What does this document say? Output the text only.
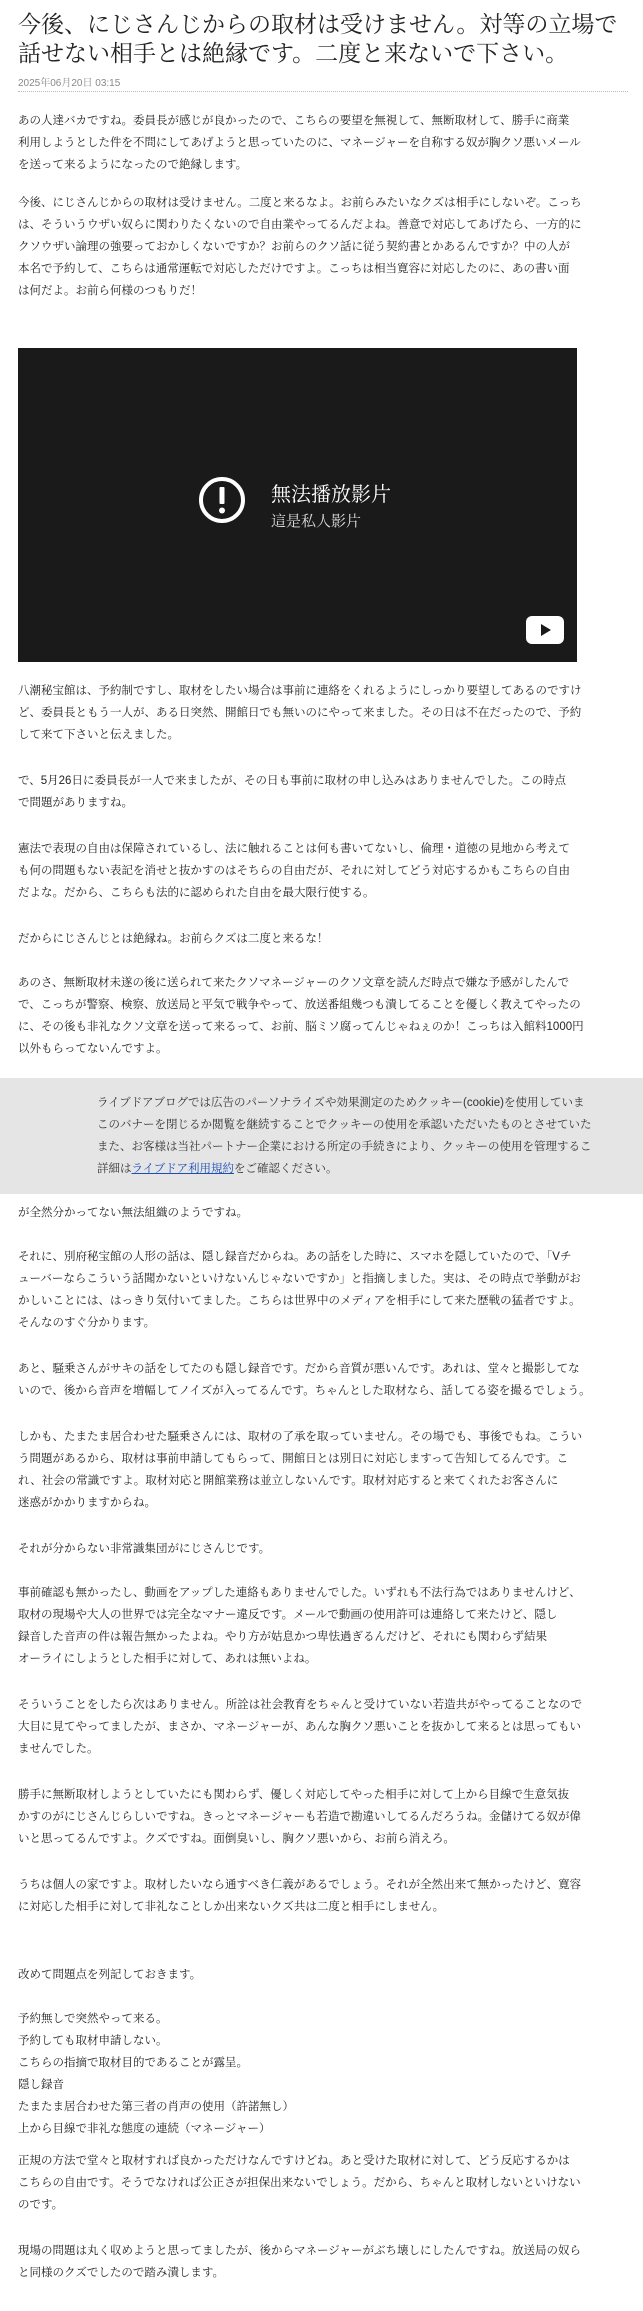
今後、にじさんじからの取材は受けません。対等の立場で話せない相手とは絶縁です。二度と来ないで下さい。
2025年06月20日 03:15

あの人達バカですね。委員長が感じが良かったので、こちらの要望を無視して、無断取材して、勝手に商業
利用しようとした件を不問にしてあげようと思っていたのに、マネージャーを自称する奴が胸クソ悪いメール
を送って来るようになったので絶縁します。

今後、にじさんじからの取材は受けません。二度と来るなよ。お前らみたいなクズは相手にしないぞ。こっち
は、そういうウザい奴らに関わりたくないので自由業やってるんだよね。善意で対応してあげたら、一方的に
クソウザい論理の強要っておかしくないですか？お前らのクソ話に従う契約書とかあるんですか？中の人が
本名で予約して、こちらは通常運転で対応しただけですよ。こっちは相当寛容に対応したのに、あの書い面
は何だよ。お前ら何様のつもりだ！

無法播放影片
這是私人影片

八潮秘宝館は、予約制ですし、取材をしたい場合は事前に連絡をくれるようにしっかり要望してあるのですけ
ど、委員長ともう一人が、ある日突然、開館日でも無いのにやって来ました。その日は不在だったので、予約
して来て下さいと伝えました。

で、5月26日に委員長が一人で来ましたが、その日も事前に取材の申し込みはありませんでした。この時点
で問題がありますね。

憲法で表現の自由は保障されているし、法に触れることは何も書いてないし、倫理・道徳の見地から考えて
も何の問題もない表記を消せと抜かすのはそちらの自由だが、それに対してどう対応するかもこちらの自由
だよな。だから、こちらも法的に認められた自由を最大限行使する。

だからにじさんじとは絶縁ね。お前らクズは二度と来るな！

あのさ、無断取材未遂の後に送られて来たクソマネージャーのクソ文章を読んだ時点で嫌な予感がしたんで
で、こっちが警察、検察、放送局と平気で戦争やって、放送番組幾つも潰してることを優しく教えてやったの
に、その後も非礼なクソ文章を送って来るって、お前、脳ミソ腐ってんじゃねぇのか！こっちは入館料1000円
以外もらってないんですよ。

ライブドアブログでは広告のパーソナライズや効果測定のためクッキー(cookie)を使用していま
このバナーを閉じるか閲覧を継続することでクッキーの使用を承認いただいたものとさせていた
また、お客様は当社パートナー企業における所定の手続きにより、クッキーの使用を管理するこ
詳細はライブドア利用規約をご確認ください。

が全然分かってない無法組織のようですね。

それに、別府秘宝館の人形の話は、隠し録音だからね。あの話をした時に、スマホを隠していたので、「Vチ
ューバーならこういう話聞かないといけないんじゃないですか」と指摘しました。実は、その時点で挙動がお
かしいことには、はっきり気付いてました。こちらは世界中のメディアを相手にして来た歴戦の猛者ですよ。
そんなのすぐ分かります。

あと、騒乗さんがサキの話をしてたのも隠し録音です。だから音質が悪いんです。あれは、堂々と撮影してな
いので、後から音声を増幅してノイズが入ってるんです。ちゃんとした取材なら、話してる姿を撮るでしょう。

しかも、たまたま居合わせた騒乗さんには、取材の了承を取っていません。その場でも、事後でもね。こうい
う問題があるから、取材は事前申請してもらって、開館日とは別日に対応しますって告知してるんです。こ
れ、社会の常識ですよ。取材対応と開館業務は並立しないんです。取材対応すると来てくれたお客さんに
迷惑がかかりますからね。

それが分からない非常識集団がにじさんじです。

事前確認も無かったし、動画をアップした連絡もありませんでした。いずれも不法行為ではありませんけど、
取材の現場や大人の世界では完全なマナー違反です。メールで動画の使用許可は連絡して来たけど、隠し
録音した音声の件は報告無かったよね。やり方が姑息かつ卑怯過ぎるんだけど、それにも関わらず結果
オーライにしようとした相手に対して、あれは無いよね。

そういうことをしたら次はありません。所詮は社会教育をちゃんと受けていない若造共がやってることなので
大目に見てやってましたが、まさか、マネージャーが、あんな胸クソ悪いことを抜かして来るとは思ってもい
ませんでした。

勝手に無断取材しようとしていたにも関わらず、優しく対応してやった相手に対して上から目線で生意気抜
かすのがにじさんじらしいですね。きっとマネージャーも若造で勘違いしてるんだろうね。金儲けてる奴が偉
いと思ってるんですよ。クズですね。面倒臭いし、胸クソ悪いから、お前ら消えろ。

うちは個人の家ですよ。取材したいなら通すべき仁義があるでしょう。それが全然出来て無かったけど、寛容
に対応した相手に対して非礼なことしか出来ないクズ共は二度と相手にしません。

改めて問題点を列記しておきます。

予約無しで突然やって来る。
予約しても取材申請しない。
こちらの指摘で取材目的であることが露呈。
隠し録音
たまたま居合わせた第三者の肖声の使用（許諾無し）
上から目線で非礼な態度の連続（マネージャー）

正規の方法で堂々と取材すれば良かっただけなんですけどね。あと受けた取材に対して、どう反応するかは
こちらの自由です。そうでなければ公正さが担保出来ないでしょう。だから、ちゃんと取材しないといけない
のです。

現場の問題は丸く収めようと思ってましたが、後からマネージャーがぶち壊しにしたんですね。放送局の奴ら
と同様のクズでしたので踏み潰します。
